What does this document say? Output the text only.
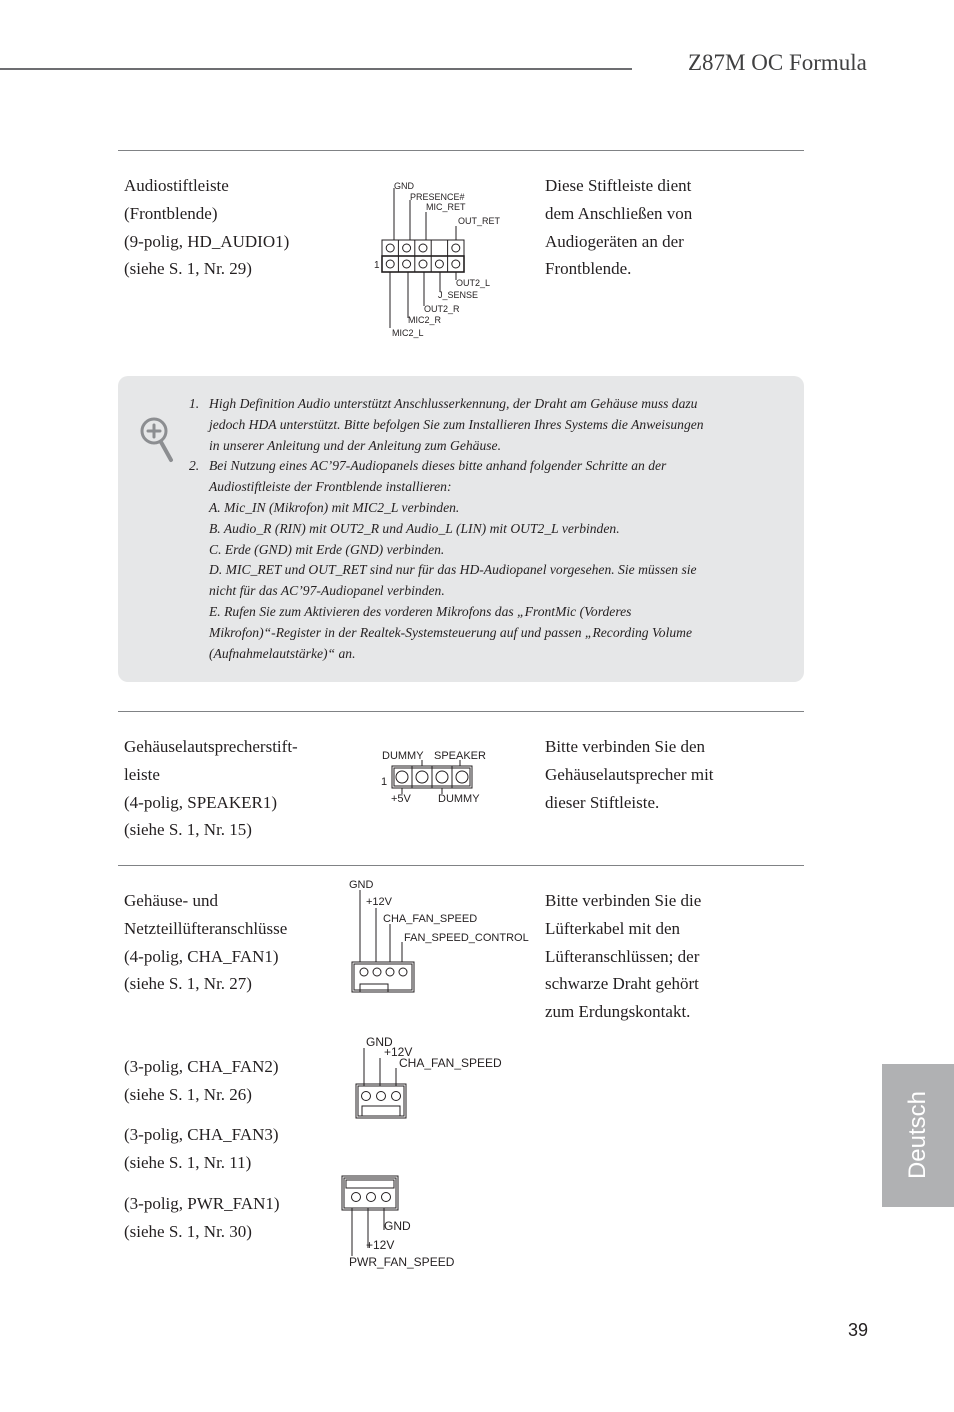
Z87M OC Formula
Audiostiftleiste
(Frontblende)
(9-polig, HD_AUDIO1)
(siehe S. 1, Nr. 29)
Diese Stiftleiste dient
dem Anschließen von
Audiogeräten an der
Frontblende.
1
GND
PRESENCE#
MIC_RET
OUT_RET
OUT2_L
J_SENSE
OUT2_R
MIC2_R
MIC2_L
1. High Definition Audio unterstützt Anschlusserkennung, der Draht am Gehäuse muss dazu
jedoch HDA unterstützt. Bitte befolgen Sie zum Installieren Ihres Systems die Anweisungen
in unserer Anleitung und der Anleitung zum Gehäuse.
2. Bei Nutzung eines AC’97-Audiopanels dieses bitte anhand folgender Schritte an der
Audiostiftleiste der Frontblende installieren:
A. Mic_IN (Mikrofon) mit MIC2_L verbinden.
B. Audio_R (RIN) mit OUT2_R und Audio_L (LIN) mit OUT2_L verbinden.
C. Erde (GND) mit Erde (GND) verbinden.
D. MIC_RET und OUT_RET sind nur für das HD-Audiopanel vorgesehen. Sie müssen sie
nicht für das AC’97-Audiopanel verbinden.
E. Rufen Sie zum Aktivieren des vorderen Mikrofons das „FrontMic (Vorderes
Mikrofon)“-Register in der Realtek-Systemsteuerung auf und passen „Recording Volume
(Aufnahmelautstärke)“ an.
Gehäuselautsprecherstift-
leiste
(4-polig, SPEAKER1)
(siehe S. 1, Nr. 15)
Bitte verbinden Sie den
Gehäuselautsprecher mit
dieser Stiftleiste.
DUMMY SPEAKER
1
+5V DUMMY
Gehäuse- und
Netzteillüfteranschlüsse
(4-polig, CHA_FAN1)
(siehe S. 1, Nr. 27)
Bitte verbinden Sie die
Lüfterkabel mit den
Lüfteranschlüssen; der
schwarze Draht gehört
zum Erdungskontakt.
(3-polig, CHA_FAN2)
(siehe S. 1, Nr. 26)
(3-polig, CHA_FAN3)
(siehe S. 1, Nr. 11)
(3-polig, PWR_FAN1)
(siehe S. 1, Nr. 30)
GND
+12V
CHA_FAN_SPEED
FAN_SPEED_CONTROL
GND
+12V
CHA_FAN_SPEED
GND
+12V
PWR_FAN_SPEED
Deutsch
39
